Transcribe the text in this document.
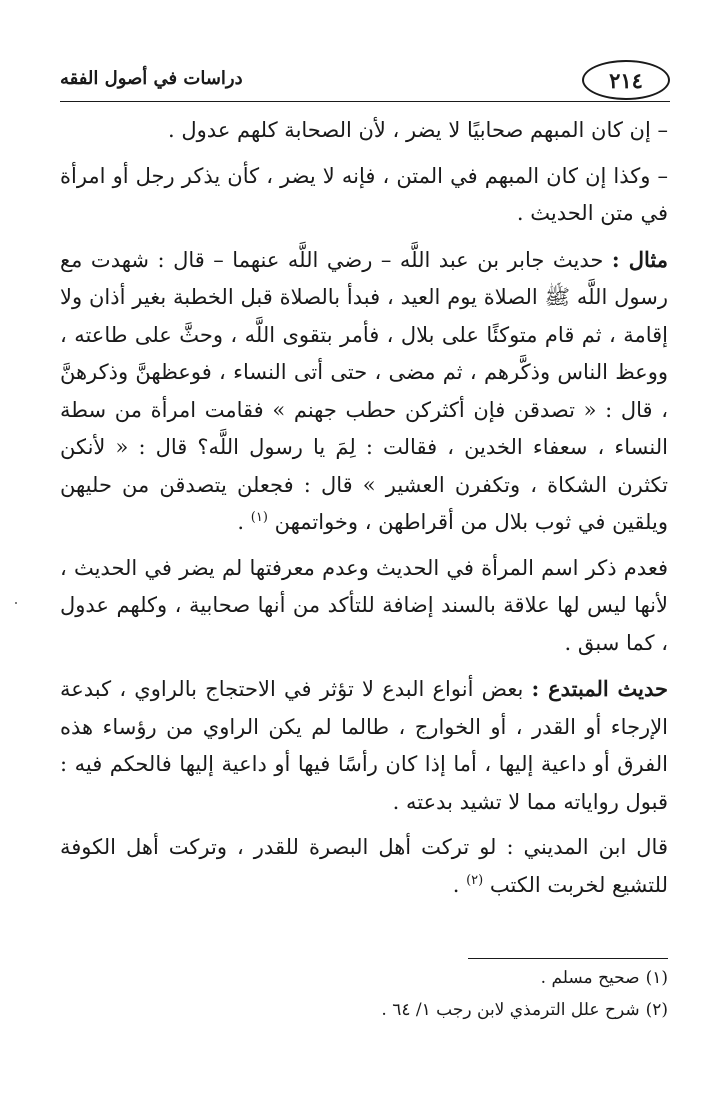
٢١٤
دراسات في أصول الفقه

– إن كان المبهم صحابيًا لا يضر ، لأن الصحابة كلهم عدول .

– وكذا إن كان المبهم في المتن ، فإنه لا يضر ، كأن يذكر رجل أو امرأة في متن الحديث .

مثال : حديث جابر بن عبد اللَّه – رضي اللَّه عنهما – قال : شهدت مع رسول اللَّه ﷺ الصلاة يوم العيد ، فبدأ بالصلاة قبل الخطبة بغير أذان ولا إقامة ، ثم قام متوكئًا على بلال ، فأمر بتقوى اللَّه ، وحثَّ على طاعته ، ووعظ الناس وذكَّرهم ، ثم مضى ، حتى أتى النساء ، فوعظهنَّ وذكرهنَّ ، قال : « تصدقن فإن أكثركن حطب جهنم » فقامت امرأة من سطة النساء ، سعفاء الخدين ، فقالت : لِمَ يا رسول اللَّه؟ قال : « لأنكن تكثرن الشكاة ، وتكفرن العشير » قال : فجعلن يتصدقن من حليهن ويلقين في ثوب بلال من أقراطهن ، وخواتمهن $^{(١)}$ .

فعدم ذكر اسم المرأة في الحديث وعدم معرفتها لم يضر في الحديث ، لأنها ليس لها علاقة بالسند إضافة للتأكد من أنها صحابية ، وكلهم عدول ، كما سبق .

حديث المبتدع : بعض أنواع البدع لا تؤثر في الاحتجاج بالراوي ، كبدعة الإرجاء أو القدر ، أو الخوارج ، طالما لم يكن الراوي من رؤساء هذه الفرق أو داعية إليها ، أما إذا كان رأسًا فيها أو داعية إليها فالحكم فيه : قبول رواياته مما لا تشيد بدعته .

قال ابن المديني : لو تركت أهل البصرة للقدر ، وتركت أهل الكوفة للتشيع لخربت الكتب $^{(٢)}$ .

(١)صحيح مسلم .

(٢)شرح علل الترمذي لابن رجب ١/ ٦٤ .
